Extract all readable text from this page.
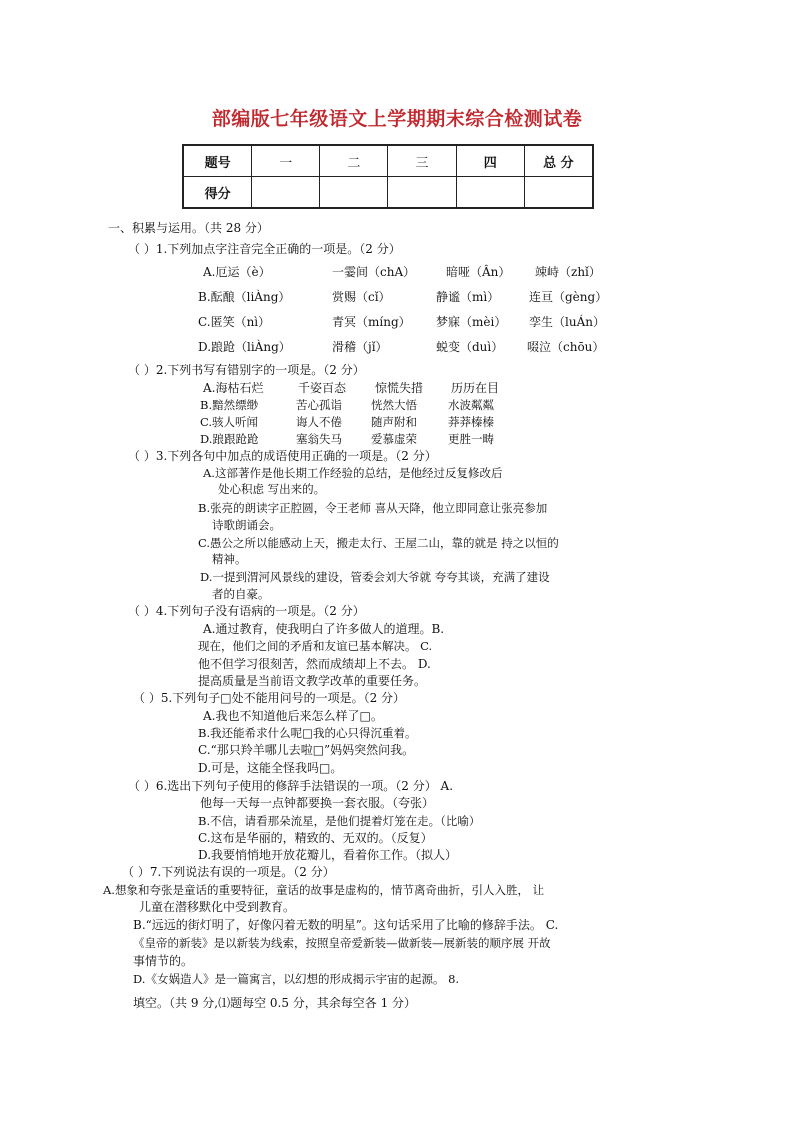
部编版七年级语文上学期期末综合检测试卷
题号	一	二	三	四	总 分
得分					
一、积累与运用。（共 28 分）
（ ）1.下列加点字注音完全正确的一项是。（2 分）
A.厄运（è）	一霎间（chA）	暗哑（Ân） 竦峙（zhǐ）
B.酝酿（liÀng）	赏赐（cǐ）	静谧（mì） 连亘（gèng）
C.匿笑（nì）	青冥（míng） 梦寐（mèi） 孪生（luÁn）
D.踉跄（liÀng）	滑稽（jǐ）	蜕变（duì） 啜泣（chōu）
（ ）2.下列书写有错别字的一项是。（2 分）
A.海枯石烂	千姿百态 惊慌失措 历历在目
B.黯然缥缈	苦心孤诣	恍然大悟	水波粼粼
C.骇人听闻	诲人不倦	随声附和	莽莽榛榛
D.踉跟跄跄	塞翁失马	爱慕虚荣	更胜一畴
（ ）3.下列各句中加点的成语使用正确的一项是。（2 分）
A.这部著作是他长期工作经验的总结，是他经过反复修改后
处心积虑 写出来的。
B.张亮的朗读字正腔圆，令王老师 喜从天降，他立即同意让张亮参加
诗歌朗诵会。
C.愚公之所以能感动上天，搬走太行、王屋二山，靠的就是 持之以恒的
精神。
D.一提到渭河风景线的建设，管委会刘大爷就 夸夸其谈，充满了建设
者的自豪。
（ ）4.下列句子没有语病的一项是。（2 分）
A.通过教育，使我明白了许多做人的道理。B.
现在，他们之间的矛盾和友谊已基本解决。 C.
他不但学习很刻苦，然而成绩却上不去。 D.
提高质量是当前语文教学改革的重要任务。
（ ）5.下列句子□处不能用问号的一项是。（2 分）
A.我也不知道他后来怎么样了□。
B.我还能希求什么呢□我的心只得沉重着。
C.“那只羚羊哪儿去啦□”妈妈突然问我。
D.可是，这能全怪我吗□。
（ ）6.选出下列句子使用的修辞手法错误的一项。（2 分） A.
他每一天每一点钟都要换一套衣服。（夸张）
B.不信，请看那朵流星，是他们提着灯笼在走。（比喻）
C.这布是华丽的，精致的、无双的。（反复）
D.我要悄悄地开放花瓣儿，看着你工作。（拟人）
（ ）7.下列说法有误的一项是。（2 分）
A.想象和夸张是童话的重要特征，童话的故事是虚构的，情节离奇曲折，引人入胜， 让
儿童在潜移默化中受到教育。
B.“远远的街灯明了，好像闪着无数的明星”。这句话采用了比喻的修辞手法。 C.
《皇帝的新装》是以新装为线索，按照皇帝爱新装—做新装—展新装的顺序展 开故
事情节的。
D.《女娲造人》是一篇寓言，以幻想的形成揭示宇宙的起源。 8.
填空。（共 9 分,⑴题每空 0.5 分，其余每空各 1 分）
